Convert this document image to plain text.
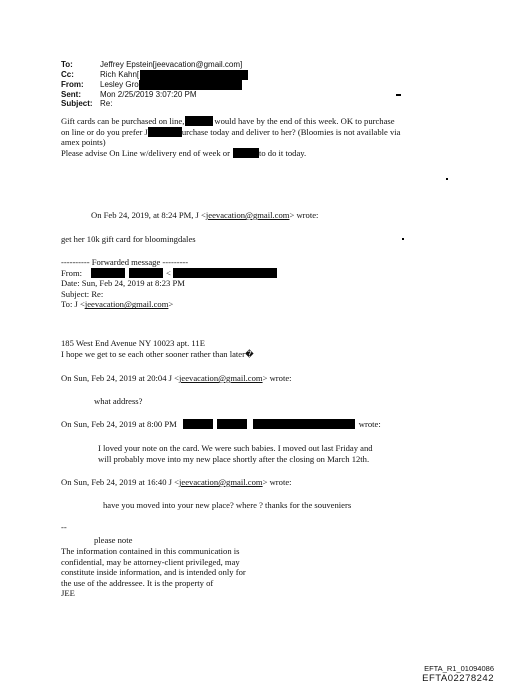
To:	Jeffrey Epstein[jeevacation@gmail.com]
Cc:	Rich Kahn[
From:	Lesley Gro
Sent:	Mon 2/25/2019 3:07:20 PM
Subject: Re:
Gift cards can be purchased on line,	would have by the end of this week. OK to purchase
on line or do you prefer J	urchase today and deliver to her? (Bloomies is not available via
amex points)
Please advise On Line w/delivery end of week or	to do it today.
On Feb 24, 2019, at 8:24 PM, J <jeevacation@gmail.com> wrote:
get her 10k gift card for bloomingdales
---------- Forwarded message ---------
From:	<
Date: Sun, Feb 24, 2019 at 8:23 PM
Subject: Re:
To: J <jeevacation@gmail.com>
185 West End Avenue NY 10023 apt. 11E
I hope we get to se each other sooner rather than later�
On Sun, Feb 24, 2019 at 20:04 J <jeevacation@gmail.com> wrote:
what address?
On Sun, Feb 24, 2019 at 8:00 PM	wrote:
I loved your note on the card. We were such babies. I moved out last Friday and
will probably move into my new place shortly after the closing on March 12th.
On Sun, Feb 24, 2019 at 16:40 J <jeevacation@gmail.com> wrote:
have you moved into your new place? where ? thanks for the souveniers
--
please note
The information contained in this communication is
confidential, may be attorney-client privileged, may
constitute inside information, and is intended only for
the use of the addressee. It is the property of
JEE
EFTA_R1_01094086
EFTA02278242
